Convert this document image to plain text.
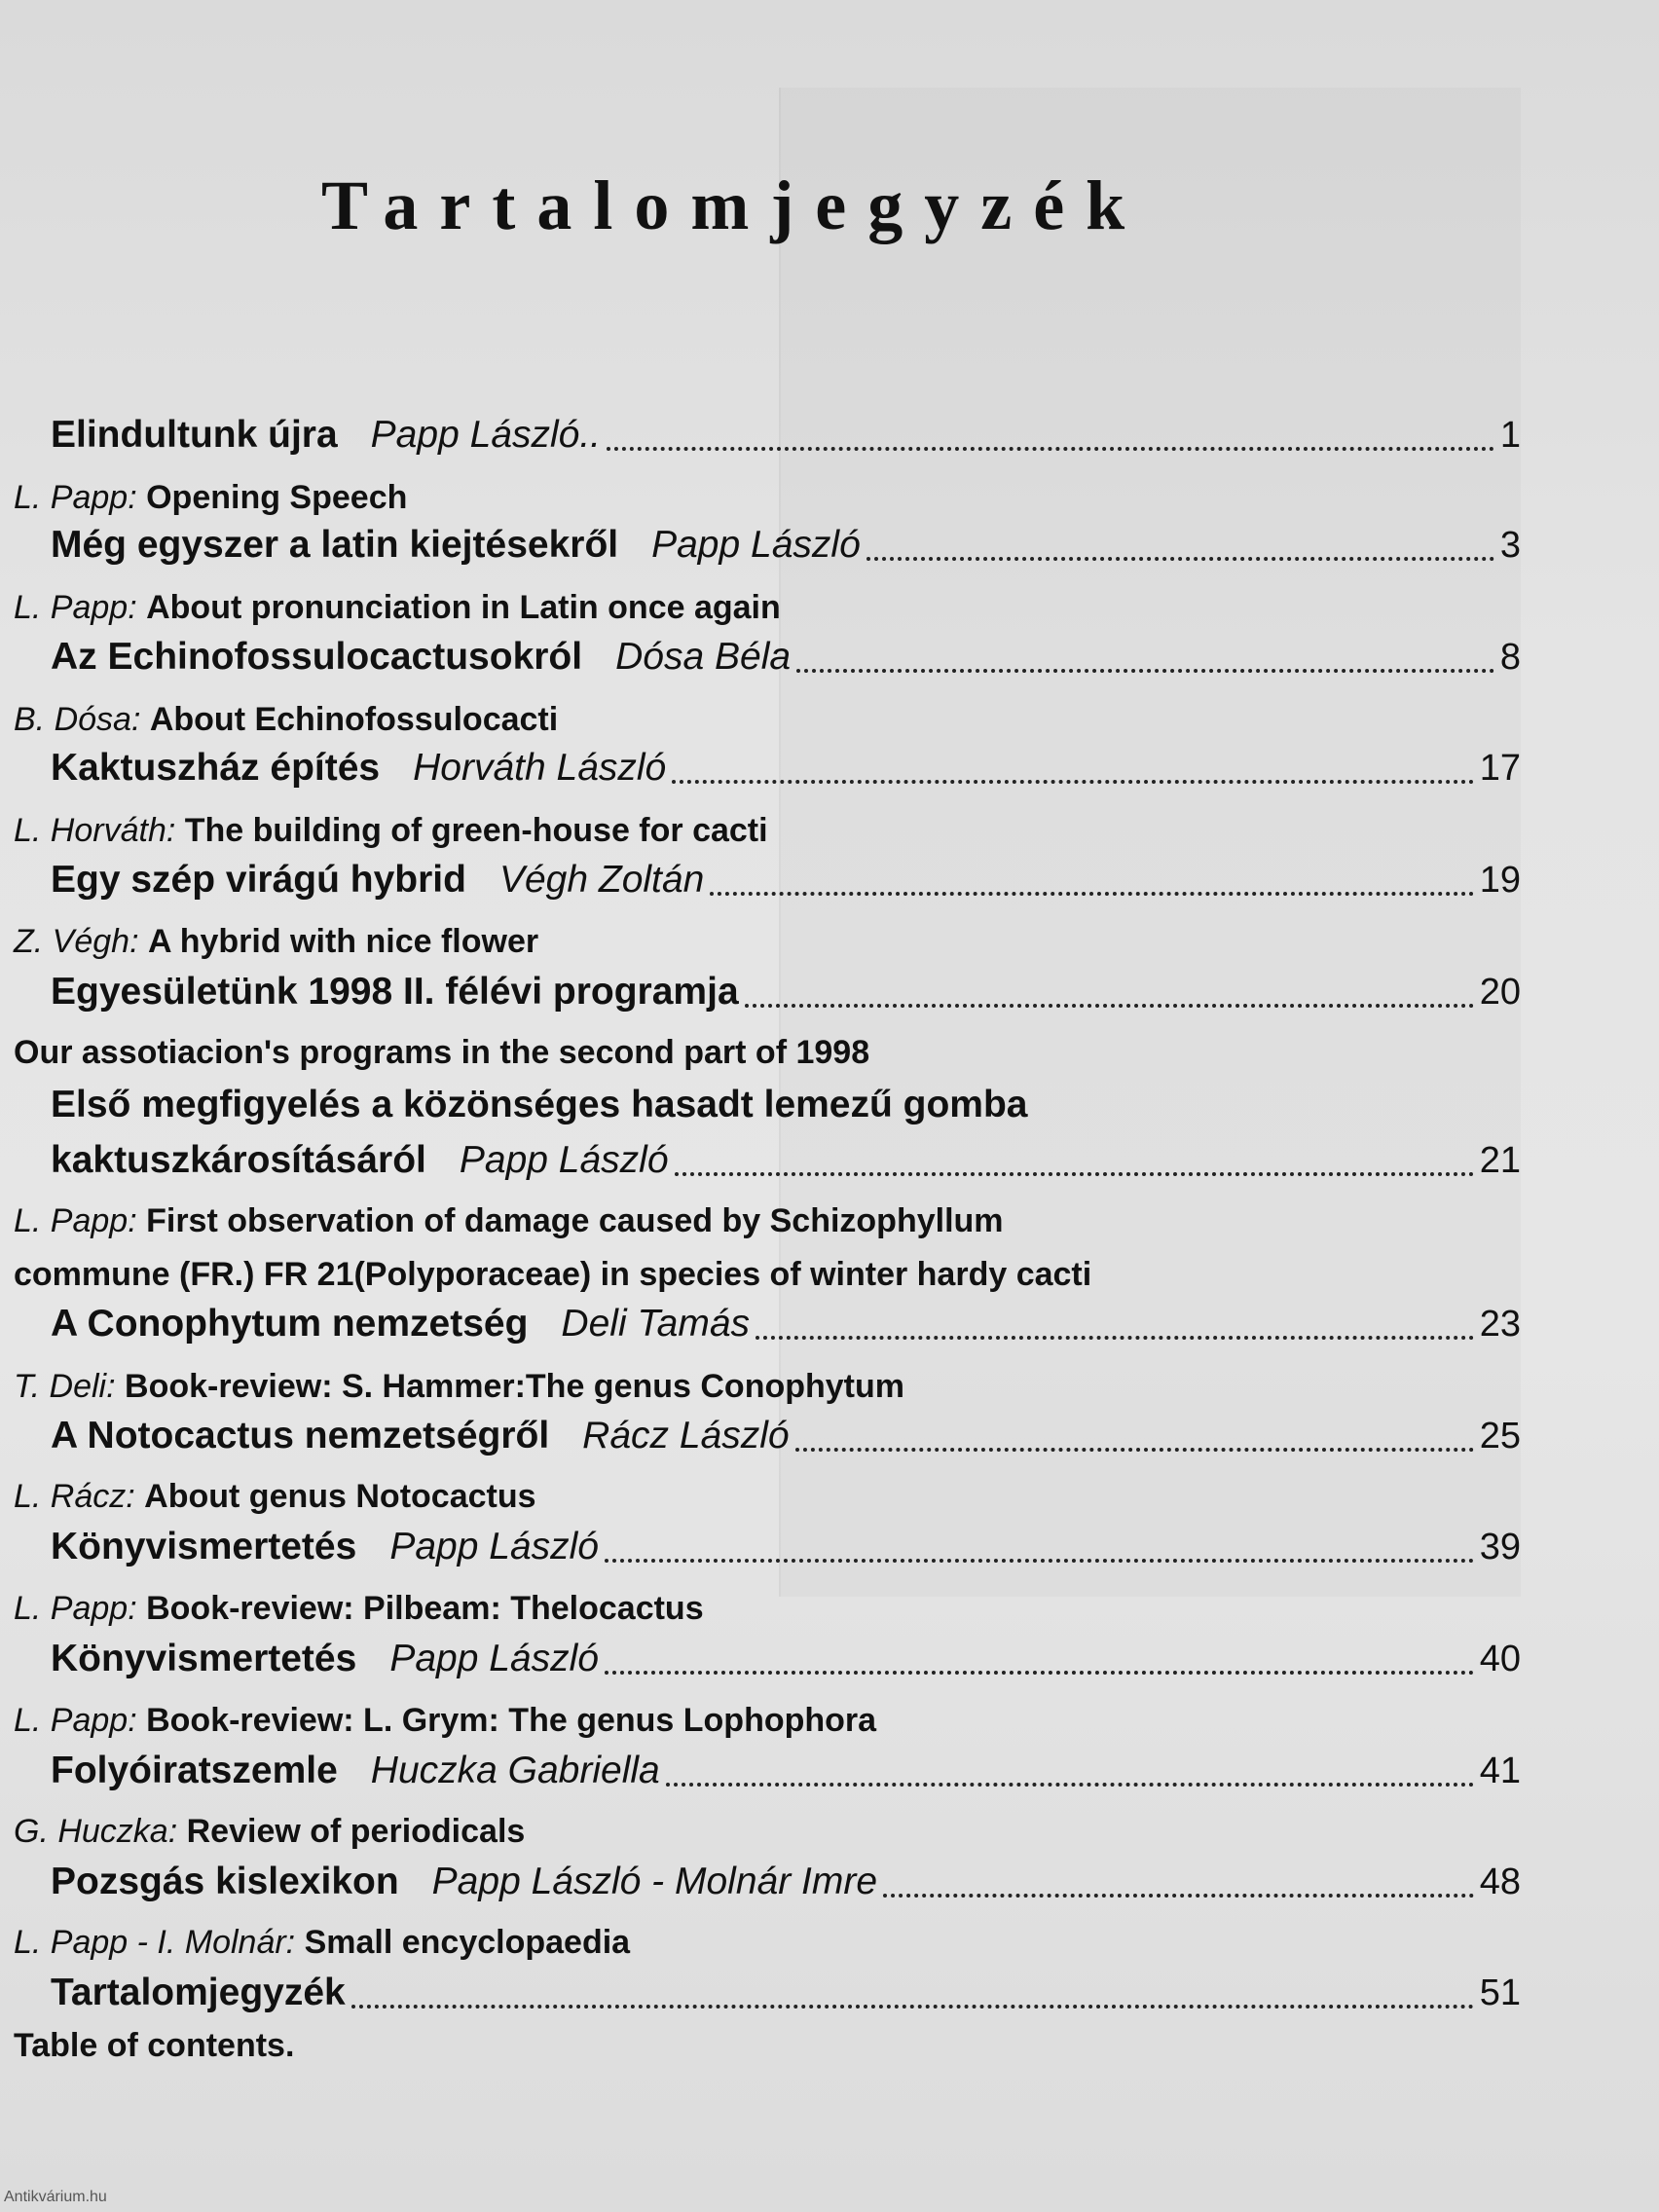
Tartalomjegyzék
Elindultunk újra Papp László..	1
L. Papp: Opening Speech
Még egyszer a latin kiejtésekről Papp László	3
L. Papp: About pronunciation in Latin once again
Az Echinofossulocactusokról Dósa Béla	8
B. Dósa: About Echinofossulocacti
Kaktuszház építés Horváth László	17
L. Horváth: The building of green-house for cacti
Egy szép virágú hybrid Végh Zoltán	19
Z. Végh: A hybrid with nice flower
Egyesületünk 1998 II. félévi programja	20
Our assotiacion's programs in the second part of 1998
Első megfigyelés a közönséges hasadt lemezű gomba
kaktuszkárosításáról Papp László	21
L. Papp: First observation of damage caused by Schizophyllum
commune (FR.) FR 21(Polyporaceae) in species of winter hardy cacti
A Conophytum nemzetség Deli Tamás	23
T. Deli: Book-review: S. Hammer:The genus Conophytum
A Notocactus nemzetségről Rácz László	25
L. Rácz: About genus Notocactus
Könyvismertetés Papp László	39
L. Papp: Book-review: Pilbeam: Thelocactus
Könyvismertetés Papp László	40
L. Papp: Book-review: L. Grym: The genus Lophophora
Folyóiratszemle Huczka Gabriella	41
G. Huczka: Review of periodicals
Pozsgás kislexikon Papp László - Molnár Imre	48
L. Papp - I. Molnár: Small encyclopaedia
Tartalomjegyzék	51
Table of contents.
Antikvárium.hu
